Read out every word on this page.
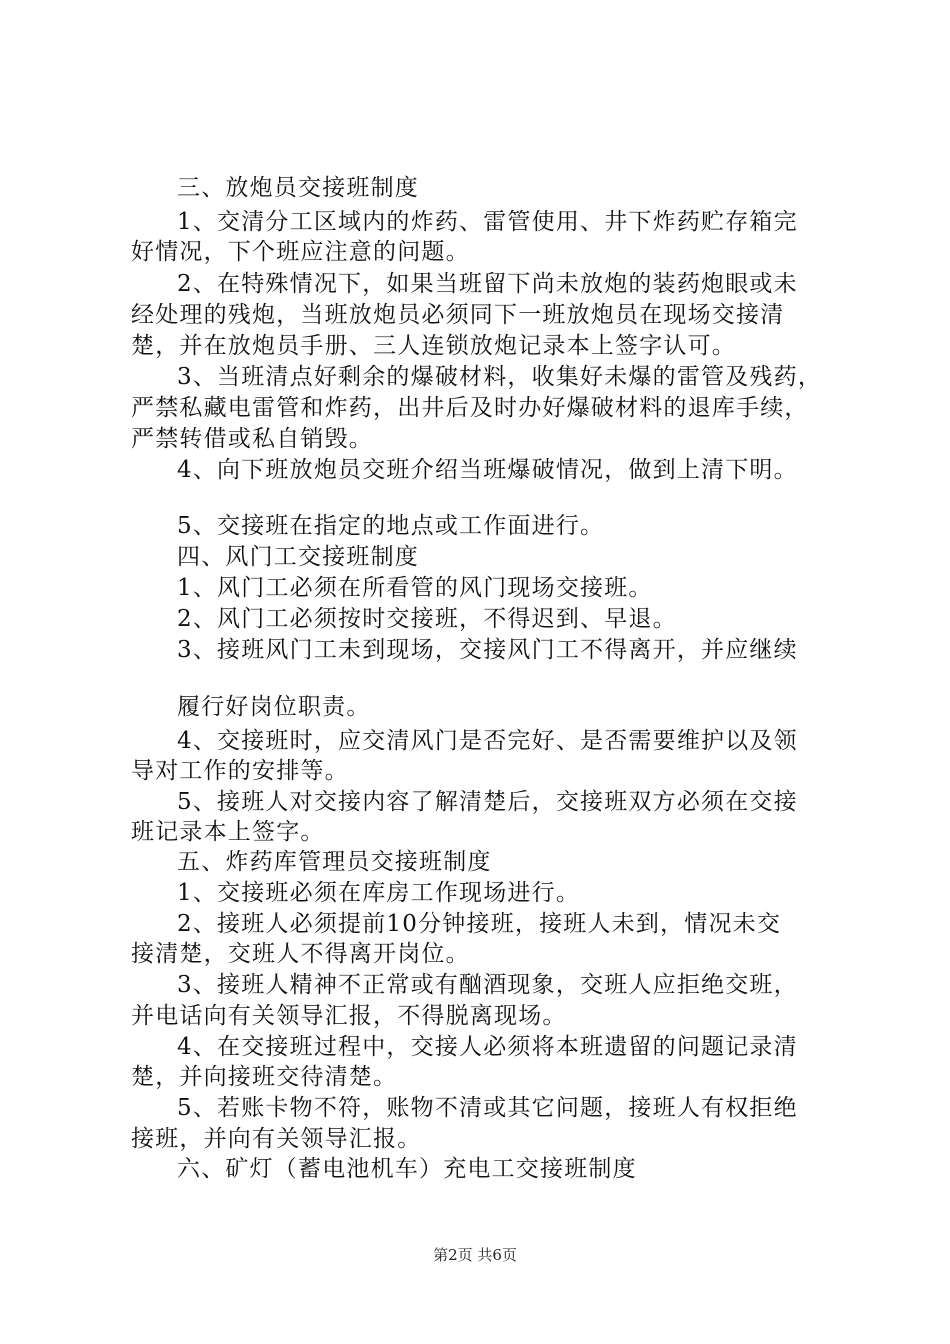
三、放炮员交接班制度
1、交清分工区域内的炸药、雷管使用、井下炸药贮存箱完
好情况，下个班应注意的问题。
2、在特殊情况下，如果当班留下尚未放炮的装药炮眼或未
经处理的残炮，当班放炮员必须同下一班放炮员在现场交接清
楚，并在放炮员手册、三人连锁放炮记录本上签字认可。
3、当班清点好剩余的爆破材料，收集好未爆的雷管及残药，
严禁私藏电雷管和炸药，出井后及时办好爆破材料的退库手续，
严禁转借或私自销毁。
4、向下班放炮员交班介绍当班爆破情况，做到上清下明。
5、交接班在指定的地点或工作面进行。
四、风门工交接班制度
1、风门工必须在所看管的风门现场交接班。
2、风门工必须按时交接班，不得迟到、早退。
3、接班风门工未到现场，交接风门工不得离开，并应继续
履行好岗位职责。
4、交接班时，应交清风门是否完好、是否需要维护以及领
导对工作的安排等。
5、接班人对交接内容了解清楚后，交接班双方必须在交接
班记录本上签字。
五、炸药库管理员交接班制度
1、交接班必须在库房工作现场进行。
2、接班人必须提前10分钟接班，接班人未到，情况未交
接清楚，交班人不得离开岗位。
3、接班人精神不正常或有酗酒现象，交班人应拒绝交班，
并电话向有关领导汇报，不得脱离现场。
4、在交接班过程中，交接人必须将本班遗留的问题记录清
楚，并向接班交待清楚。
5、若账卡物不符，账物不清或其它问题，接班人有权拒绝
接班，并向有关领导汇报。
六、矿灯（蓄电池机车）充电工交接班制度
第2页 共6页
